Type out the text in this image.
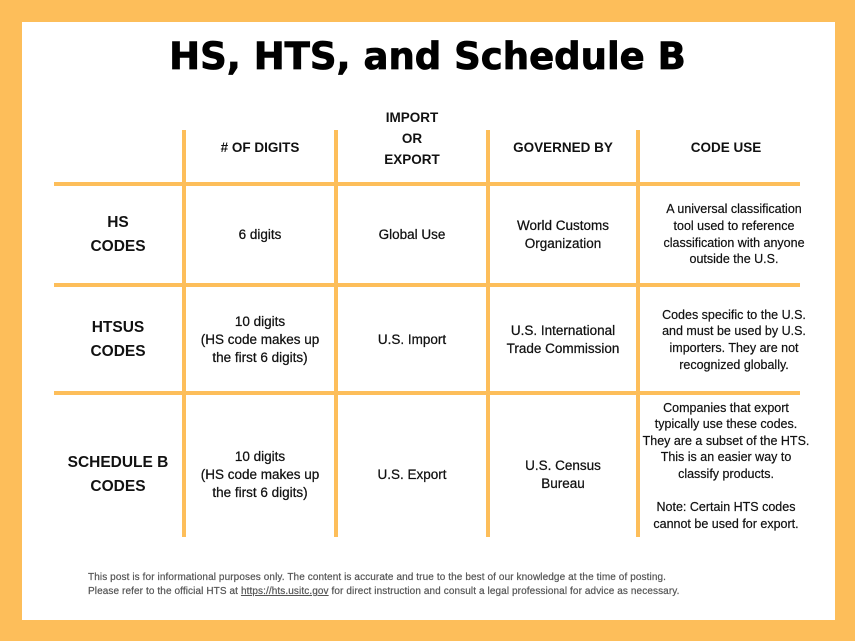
HS, HTS, and Schedule B
# OF DIGITS
IMPORT
OR
EXPORT
GOVERNED BY	CODE USE
HS
CODES
6 digits	Global Use
World Customs
Organization
A universal classification
tool used to reference
classification with anyone
outside the U.S.
HTSUS
CODES
10 digits
(HS code makes up
the first 6 digits)
U.S. Import
U.S. International
Trade Commission
Codes specific to the U.S.
and must be used by U.S.
importers. They are not
recognized globally.
SCHEDULE B
CODES
10 digits
(HS code makes up
the first 6 digits)
U.S. Export
U.S. Census
Bureau
Companies that export
typically use these codes.
They are a subset of the HTS.
This is an easier way to
classify products.

Note: Certain HTS codes
cannot be used for export.
This post is for informational purposes only. The content is accurate and true to the best of our knowledge at the time of posting.
Please refer to the official HTS at https://hts.usitc.gov for direct instruction and consult a legal professional for advice as necessary.
